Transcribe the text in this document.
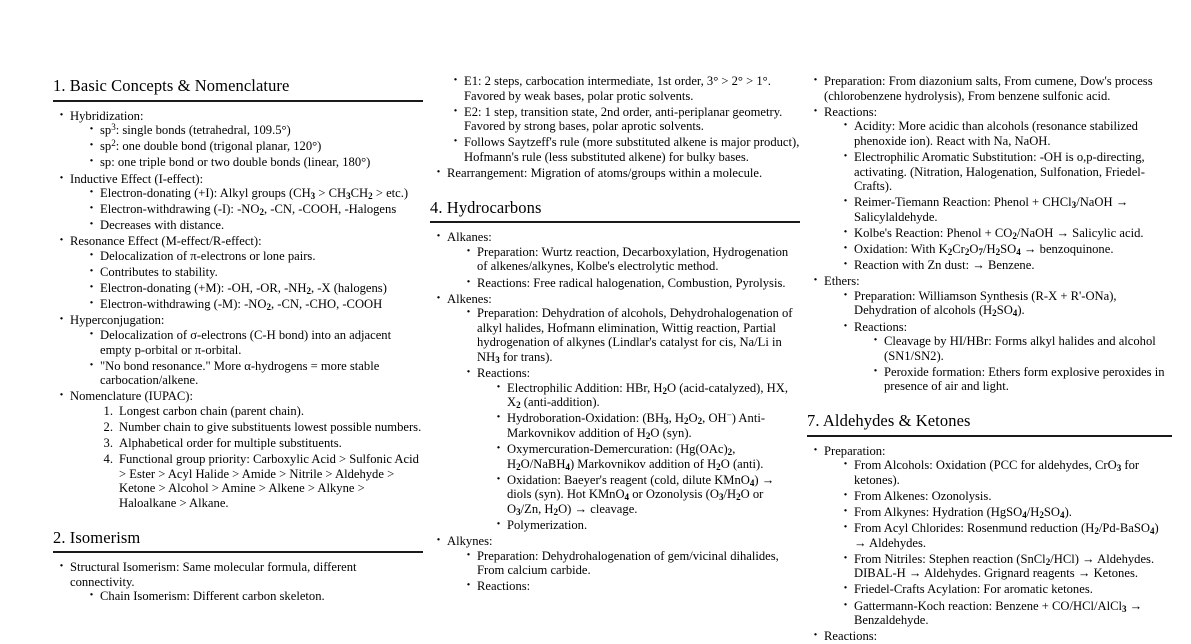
1. Basic Concepts & Nomenclature
· Hybridization:
· $sp^3$: single bonds (tetrahedral, 109.5°)
· $sp^2$: one double bond (trigonal planar, 120°)
· sp: one triple bond or two double bonds (linear, 180°)
· Inductive Effect (I-effect):
· Electron-donating (+I): Alkyl groups $(CH_3 > CH_3CH_2 > etc.)$
· Electron-withdrawing (-I): $-NO_2$, -CN, -COOH, -Halogens
· Decreases with distance.
· Resonance Effect (M-effect/R-effect):
· Delocalization of π-electrons or lone pairs.
· Contributes to stability.
· Electron-donating (+M): -OH, -OR, $-NH_2$, -X (halogens)
· Electron-withdrawing (-M): $-NO_2$, -CN, -CHO, -COOH
· Hyperconjugation:
· Delocalization of σ-electrons (C-H bond) into an adjacent empty p-orbital or π-orbital.
· "No bond resonance." More α-hydrogens = more stable carbocation/alkene.
· Nomenclature (IUPAC):
1. Longest carbon chain (parent chain).
2. Number chain to give substituents lowest possible numbers.
3. Alphabetical order for multiple substituents.
4. Functional group priority: Carboxylic Acid > Sulfonic Acid > Ester > Acyl Halide > Amide > Nitrile > Aldehyde > Ketone > Alcohol > Amine > Alkene > Alkyne > Haloalkane > Alkane.
2. Isomerism
· Structural Isomerism: Same molecular formula, different connectivity.
· Chain Isomerism: Different carbon skeleton.
· E1: 2 steps, carbocation intermediate, 1st order, 3° > 2° > 1°. Favored by weak bases, polar protic solvents.
· E2: 1 step, transition state, 2nd order, anti-periplanar geometry. Favored by strong bases, polar aprotic solvents.
· Follows Saytzeff's rule (more substituted alkene is major product), Hofmann's rule (less substituted alkene) for bulky bases.
· Rearrangement: Migration of atoms/groups within a molecule.
4. Hydrocarbons
· Alkanes:
· Preparation: Wurtz reaction, Decarboxylation, Hydrogenation of alkenes/alkynes, Kolbe's electrolytic method.
· Reactions: Free radical halogenation, Combustion, Pyrolysis.
· Alkenes:
· Preparation: Dehydration of alcohols, Dehydrohalogenation of alkyl halides, Hofmann elimination, Wittig reaction, Partial hydrogenation of alkynes (Lindlar's catalyst for cis, Na/Li in $NH_3$ for trans).
· Reactions:
· Electrophilic Addition: HBr, $H_2O$ (acid-catalyzed), HX, $X_2$ (anti-addition).
· Hydroboration-Oxidation: ($BH_3$, $H_2O_2$, OH−) Anti-Markovnikov addition of $H_2O$ (syn).
· Oxymercuration-Demercuration: ($Hg(OAc)_2$, $H_2O/NaBH_4$) Markovnikov addition of $H_2O$ (anti).
· Oxidation: Baeyer's reagent (cold, dilute KMnO$_4$) → diols (syn). Hot KMnO$_4$ or Ozonolysis ($O_3/H_2O$ or $O_3/Zn$, $H_2O$) → cleavage.
· Polymerization.
· Alkynes:
· Preparation: Dehydrohalogenation of gem/vicinal dihalides, From calcium carbide.
· Reactions:
· Preparation: From diazonium salts, From cumene, Dow's process (chlorobenzene hydrolysis), From benzene sulfonic acid.
· Reactions:
· Acidity: More acidic than alcohols (resonance stabilized phenoxide ion). React with Na, NaOH.
· Electrophilic Aromatic Substitution: -OH is o,p-directing, activating. (Nitration, Halogenation, Sulfonation, Friedel-Crafts).
· Reimer-Tiemann Reaction: Phenol + CHCl$_3$/NaOH → Salicylaldehyde.
· Kolbe's Reaction: Phenol + $CO_2$/NaOH → Salicylic acid.
· Oxidation: With $K_2Cr_2O_7/H_2SO_4$ → benzoquinone.
· Reaction with Zn dust: → Benzene.
· Ethers:
· Preparation: Williamson Synthesis (R-X + R'-ONa), Dehydration of alcohols $(H_2SO_4)$.
· Reactions:
· Cleavage by HI/HBr: Forms alkyl halides and alcohol (SN1/SN2).
· Peroxide formation: Ethers form explosive peroxides in presence of air and light.
7. Aldehydes & Ketones
· Preparation:
· From Alcohols: Oxidation (PCC for aldehydes, CrO$_3$ for ketones).
· From Alkenes: Ozonolysis.
· From Alkynes: Hydration $(HgSO_4/H_2SO_4)$.
· From Acyl Chlorides: Rosenmund reduction $(H_2/Pd-BaSO_4)$ → Aldehydes.
· From Nitriles: Stephen reaction (SnCl$_2$/HCl) → Aldehydes. DIBAL-H → Aldehydes. Grignard reagents → Ketones.
· Friedel-Crafts Acylation: For aromatic ketones.
· Gattermann-Koch reaction: Benzene + CO/HCl/AlCl$_3$ → Benzaldehyde.
· Reactions:
